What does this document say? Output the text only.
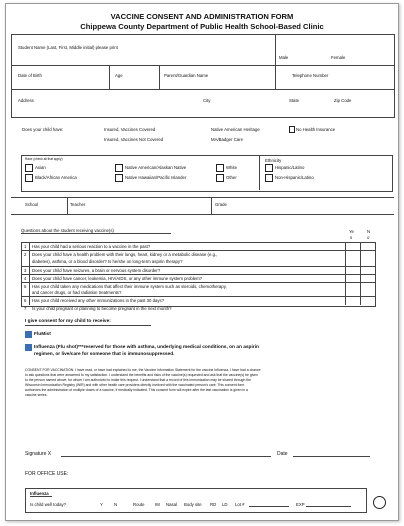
VACCINE CONSENT AND ADMINISTRATION FORM
Chippewa County Department of Public Health School-Based Clinic
Student Name (Last, First, Middle initial) please print
Male	Female
Date of Birth	Age	Parent/Guardian Name	Telephone Number
Address	City	State	Zip Code
Does your child have:	Insured, Vaccines Covered
Insured, Vaccines Not Covered
Native American Heritage
MA/Badger Care
No Health Insurance
Race (check all that apply)
Asian
Black/African America
Native American/Alaskan Native
Native Hawaiian/Pacific Islander
White
Other
Ethnicity
Hispanic/Latino
Non-Hispanic/Latino
School	Teacher	Grade
Questions about the student receiving vaccine(s)	Ye
s
N
o
1 Has your child had a serious reaction to a vaccine in the past?
2 Does your child have a health problem with their lungs, heart, kidney or a metabolic disease (e.g.,
diabetes), asthma, or a blood disorder? Is he/she on long-term aspirin therapy?
3 Does your child have seizures, a brain or nervous system disorder?
4 Does your child have cancer, leukemia, HIV/AIDS, or any other immune system problem?
5 Has your child taken any medications that affect their immune system such as steroids, chemotherapy,
and cancer drugs, or had radiation treatments?
6 Has your child received any other immunizations in the past 30 days?
7 Is your child pregnant or planning to become pregnant in the next month?
I give consent for my child to receive:
FluMist
Influenza (Flu shot)***reserved for those with asthma, underlying medical conditions, on an aspirin
regimen, or live/care for someone that is immunosuppressed.
CONSENT FOR VACCINATION: I have read, or have had explained to me, the Vaccine Information Statement for the vaccine Influenza. I have had a chance
to ask questions that were answered to my satisfaction. I understand the benefits and risks of the vaccine(s) requested and ask that the vaccine(s) be given
to the person named above, for whom I am authorized to make this request. I understand that a record of this immunization may be shared through the
Wisconsin Immunization Registry (WIR) and with other health care providers directly involved with the vaccinated person's care. This consent form
authorizes the administration of multiple doses of a vaccine, if medically indicated. This consent form will expire after the last vaccination is given in a
vaccine series.
Signature X	Date
FOR OFFICE USE:
Influenza
Is child well today?	Y	N	Route IM Nasal Body site RD LD Lot #	EXP
